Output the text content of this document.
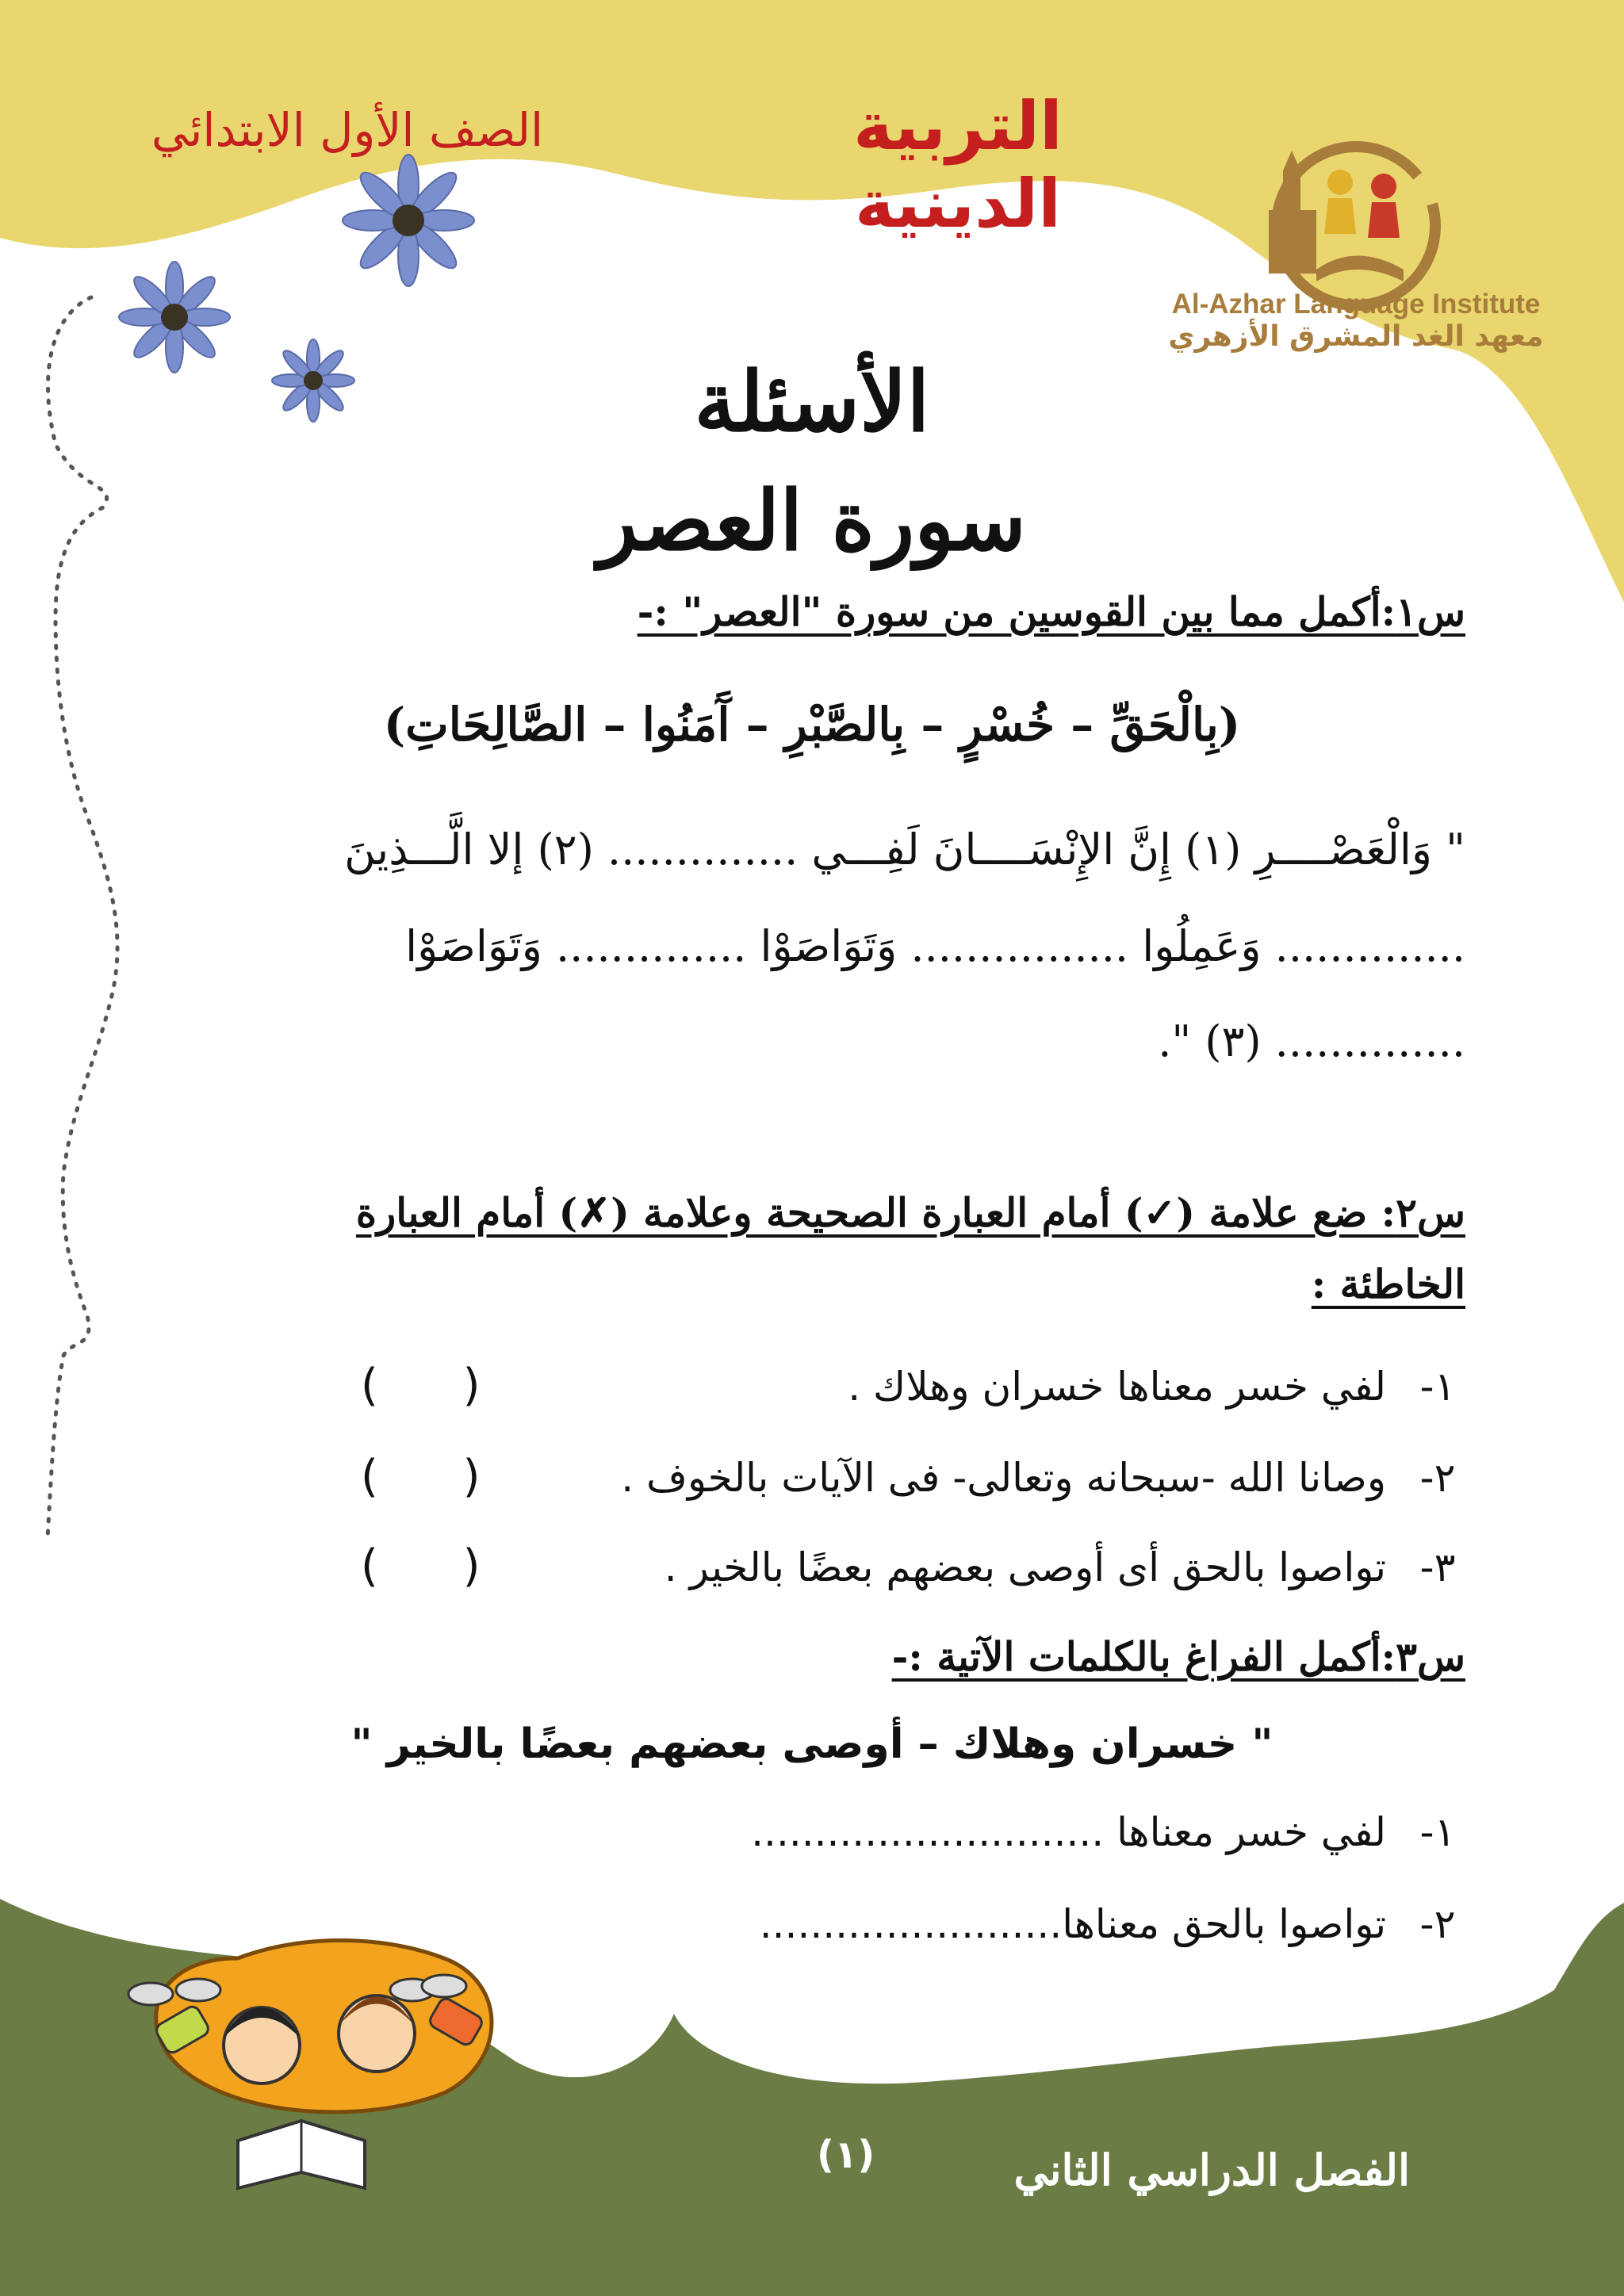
التربية الدينية
الصف الأول الابتدائي
Al-Azhar Language Institute
معهد الغد المشرق الأزهري
الأسئلة
سورة العصر
س١:أكمل مما بين القوسين من سورة "العصر" :-
(بِالْحَقِّ – خُسْرٍ – بِالصَّبْرِ – آَمَنُوا – الصَّالِحَاتِ)
" وَالْعَصْــــرِ (١) إِنَّ الإِنْسَــــانَ لَفِـــي .............. (٢) إلا الَّـــذِينَ
.............. وَعَمِلُوا ................ وَتَوَاصَوْا .............. وَتَوَاصَوْا
.............. (٣) ".
س٢: ضع علامة (✓) أمام العبارة الصحيحة وعلامة (✗) أمام العبارة
الخاطئة :
١-لفي خسر معناها خسران وهلاك .
(      )
٢-وصانا الله -سبحانه وتعالى- فى الآيات بالخوف .
(      )
٣-تواصوا بالحق أى أوصى بعضهم بعضًا بالخير .
(      )
س٣:أكمل الفراغ بالكلمات الآتية :-
" خسران وهلاك – أوصى بعضهم بعضًا بالخير "
١-لفي خسر معناها ............................
٢-تواصوا بالحق معناها........................
الفصل الدراسي الثاني
(١)
